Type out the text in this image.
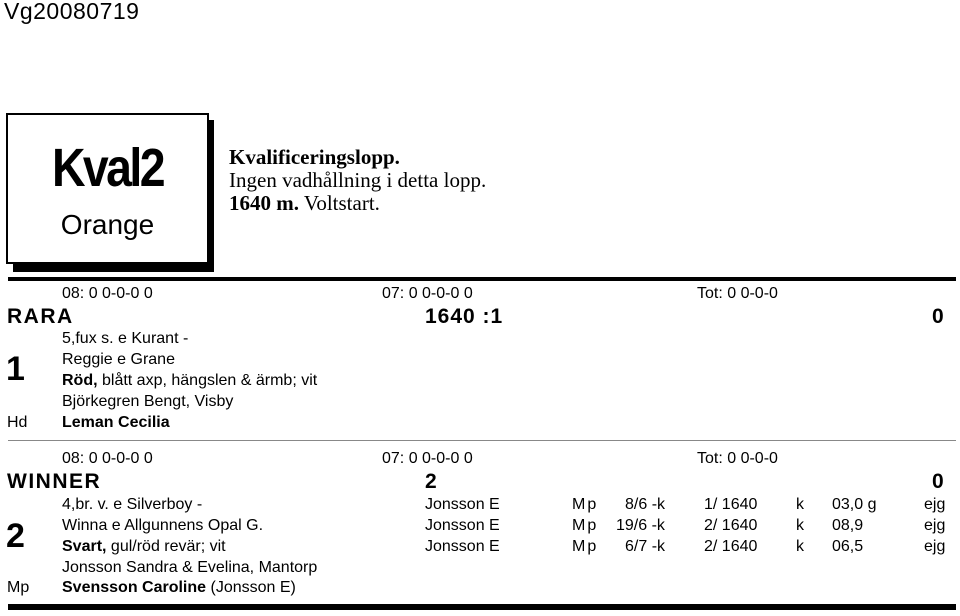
Vg20080719
Kval2
Orange
Kvalificeringslopp.
Ingen vadhållning i detta lopp.
1640 m. Voltstart.
08: 0 0-0-0 0	07: 0 0-0-0 0	Tot: 0 0-0-0
RARA	1640 :1	0
1
Hd
5,fux s. e Kurant -
Reggie e Grane
Röd, blått axp, hängslen & ärmb; vit
Björkegren Bengt, Visby
Leman Cecilia
08: 0 0-0-0 0	07: 0 0-0-0 0	Tot: 0 0-0-0
WINNER	2	0
2
Mp
4,br. v. e Silverboy -
Winna e Allgunnens Opal G.
Svart, gul/röd revär; vit
Jonsson Sandra & Evelina, Mantorp
Svensson Caroline (Jonsson E)
Jonsson E	Mp 8/6 -k 1/ 1640 k 03,0 g	ejg
Jonsson E	Mp 19/6 -k 2/ 1640 k 08,9	ejg
Jonsson E	Mp 6/7 -k 2/ 1640 k 06,5	ejg
